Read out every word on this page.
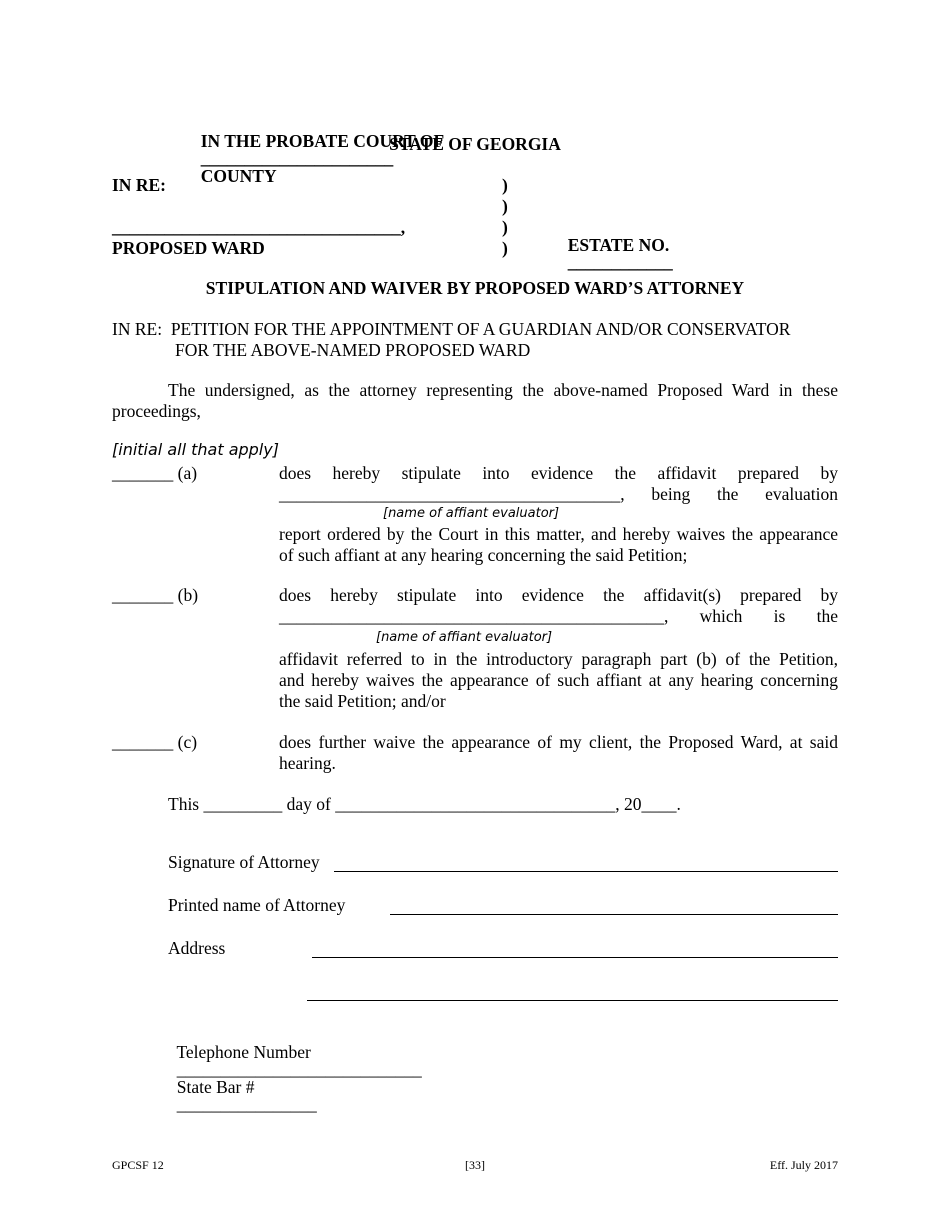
IN THE PROBATE COURT OF
______________________
COUNTY

STATE OF GEORGIA
IN RE:
_________________________________,
PROPOSED WARD
)
)
)
)	ESTATE NO.
____________

STIPULATION AND WAIVER BY PROPOSED WARD’S ATTORNEY
IN RE:  PETITION FOR THE APPOINTMENT OF A GUARDIAN AND/OR CONSERVATOR
FOR THE ABOVE-NAMED PROPOSED WARD
The undersigned, as the attorney representing the above-named Proposed Ward in these
proceedings,
[initial all that apply]
_______ (a)	does hereby stipulate into evidence the affidavit prepared by
_______________________________________, being the evaluation
[name of affiant evaluator]
report ordered by the Court in this matter, and hereby waives the appearance
of such affiant at any hearing concerning the said Petition;
_______ (b)	does hereby stipulate into evidence the affidavit(s) prepared by
____________________________________________, which is the
[name of affiant evaluator]
affidavit referred to in the introductory paragraph part (b) of the Petition,
and hereby waives the appearance of such affiant at any hearing concerning
the said Petition; and/or
_______ (c)	does further waive the appearance of my client, the Proposed Ward, at said
hearing.
This _________ day of ________________________________, 20____.
Signature of Attorney
Printed name of Attorney
Address

Telephone Number
____________________________
State Bar #
________________

GPCSF 12	[33]	Eff. July 2017
